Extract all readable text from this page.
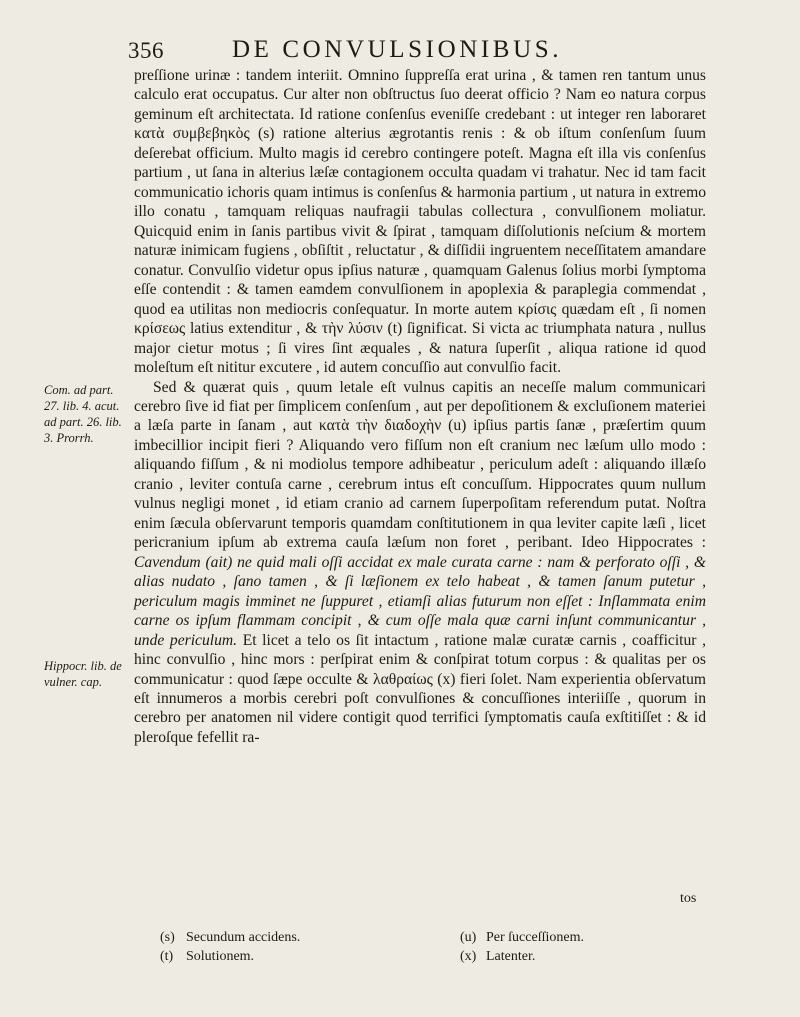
356	DE CONVULSIONIBUS.
Com. ad part. 27. lib. 4. acut. ad part. 26. lib. 3. Prorrh.
Hippocr. lib. de vulner. cap.

preſſione urinæ : tandem interiit. Omnino ſuppreſſa erat urina , & tamen ren tantum unus calculo erat occupatus. Cur alter non obſtructus ſuo deerat officio ? Nam eo natura corpus geminum eſt architectata. Id ratione conſenſus eveniſſe credebant : ut integer ren laboraret κατὰ συμβεβηκὸς (s) ratione alterius ægrotantis renis : & ob iſtum conſenſum ſuum deſerebat officium. Multo magis id cerebro contingere poteſt. Magna eſt illa vis conſenſus partium , ut ſana in alterius læſæ contagionem occulta quadam vi trahatur. Nec id tam facit communicatio ichoris quam intimus is conſenſus & harmonia partium , ut natura in extremo illo conatu , tamquam reliquas naufragii tabulas collectura , convulſionem moliatur. Quicquid enim in ſanis partibus vivit & ſpirat , tamquam diſſolutionis neſcium & mortem naturæ inimicam fugiens , obſiſtit , reluctatur , & diſſidii ingruentem neceſſitatem amandare conatur. Convulſio videtur opus ipſius naturæ , quamquam Galenus ſolius morbi ſymptoma eſſe contendit : & tamen eamdem convulſionem in apoplexia & paraplegia commendat , quod ea utilitas non mediocris conſequatur. In morte autem κρίσις quædam eſt , ſi nomen κρίσεως latius extenditur , & τὴν λύσιν (t) ſignificat. Si victa ac triumphata natura , nullus major cietur motus ; ſi vires ſint æquales , & natura ſuperſit , aliqua ratione id quod moleſtum eſt nititur excutere , id autem concuſſio aut convulſio facit.

Sed & quærat quis , quum letale eſt vulnus capitis an neceſſe malum communicari cerebro ſive id fiat per ſimplicem conſenſum , aut per depoſitionem & excluſionem materiei a læſa parte in ſanam , aut κατὰ τὴν διαδοχὴν (u) ipſius partis ſanæ , præſertim quum imbecillior incipit fieri ? Aliquando vero fiſſum non eſt cranium nec læſum ullo modo : aliquando fiſſum , & ni modiolus tempore adhibeatur , periculum adeſt : aliquando illæſo cranio , leviter contuſa carne , cerebrum intus eſt concuſſum. Hippocrates quum nullum vulnus negligi monet , id etiam cranio ad carnem ſuperpoſitam referendum putat. Noſtra enim ſæcula obſervarunt temporis quamdam conſtitutionem in qua leviter capite læſi , licet pericranium ipſum ab extrema cauſa læſum non foret , peribant. Ideo Hippocrates : Cavendum (ait) ne quid mali oſſi accidat ex male curata carne : nam & perforato oſſi , & alias nudato , ſano tamen , & ſi læſionem ex telo habeat , & tamen ſanum putetur , periculum magis imminet ne ſuppuret , etiamſi alias futurum non eſſet : Inſlammata enim carne os ipſum flammam concipit , & cum oſſe mala quæ carni inſunt communicantur , unde periculum. Et licet a telo os ſit intactum , ratione malæ curatæ carnis , coafficitur , hinc convulſio , hinc mors : perſpirat enim & conſpirat totum corpus : & qualitas per os communicatur : quod ſæpe occulte & λαθραίως (x) fieri ſolet. Nam experientia obſervatum eſt innumeros a morbis cerebri poſt convulſiones & concuſſiones interiiſſe , quorum in cerebro per anatomen nil videre contigit quod terrifici ſymptomatis cauſa exſtitiſſet : & id pleroſque fefellit ra-

tos
(s) Secundum accidens.
(t) Solutionem.
(u) Per ſucceſſionem.
(x) Latenter.
